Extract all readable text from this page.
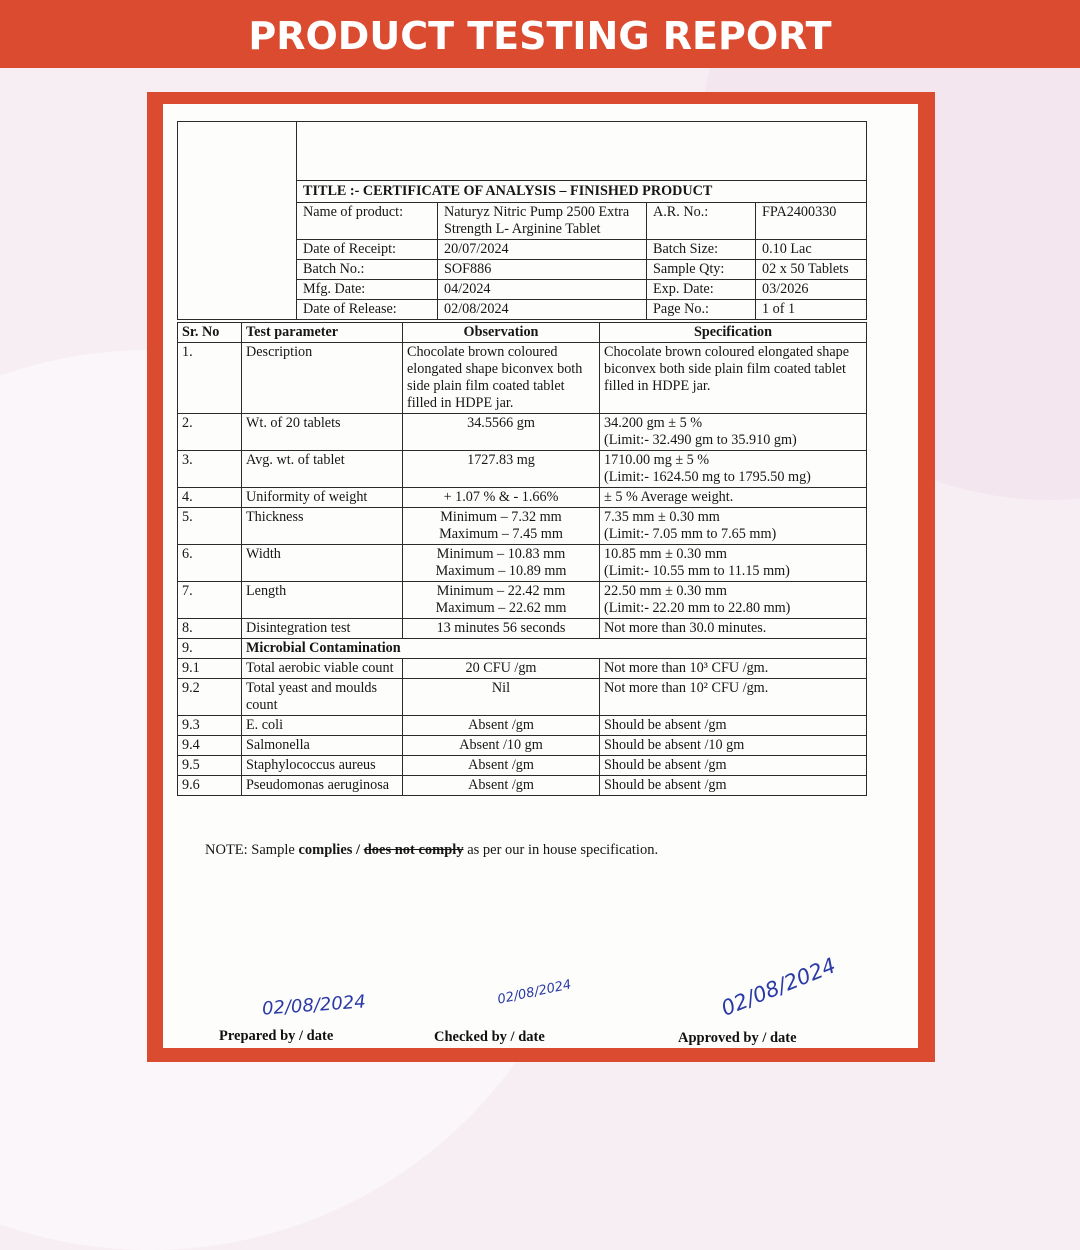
PRODUCT TESTING REPORT

TITLE :- CERTIFICATE OF ANALYSIS – FINISHED PRODUCT
Name of product:	Naturyz Nitric Pump 2500 Extra Strength L- Arginine Tablet	A.R. No.:	FPA2400330
Date of Receipt:	20/07/2024	Batch Size:	0.10 Lac
Batch No.:	SOF886	Sample Qty:	02 x 50 Tablets
Mfg. Date:	04/2024	Exp. Date:	03/2026
Date of Release:	02/08/2024	Page No.:	1 of 1
Sr. No	Test parameter	Observation	Specification
1.	Description	Chocolate brown coloured elongated shape biconvex both side plain film coated tablet filled in HDPE jar.	Chocolate brown coloured elongated shape biconvex both side plain film coated tablet filled in HDPE jar.

2.	Wt. of 20 tablets	34.5566 gm	34.200 gm ± 5 %
(Limit:- 32.490 gm to 35.910 gm)

3.	Avg. wt. of tablet	1727.83 mg	1710.00 mg ± 5 %
(Limit:- 1624.50 mg to 1795.50 mg)

4.	Uniformity of weight	+ 1.07 % & - 1.66%	± 5 % Average weight.

5.	Thickness	Minimum – 7.32 mm
Maximum – 7.45 mm	7.35 mm ± 0.30 mm
(Limit:- 7.05 mm to 7.65 mm)

6.	Width	Minimum – 10.83 mm
Maximum – 10.89 mm	10.85 mm ± 0.30 mm
(Limit:- 10.55 mm to 11.15 mm)

7.	Length	Minimum – 22.42 mm
Maximum – 22.62 mm	22.50 mm ± 0.30 mm
(Limit:- 22.20 mm to 22.80 mm)

8.	Disintegration test	13 minutes 56 seconds	Not more than 30.0 minutes.

9.	Microbial Contamination		
9.1	Total aerobic viable count	20 CFU /gm	Not more than 10³ CFU /gm.

9.2	Total yeast and moulds count	Nil	Not more than 10² CFU /gm.

9.3	E. coli	Absent /gm	Should be absent /gm

9.4	Salmonella	Absent /10 gm	Should be absent /10 gm

9.5	Staphylococcus aureus	Absent /gm	Should be absent /gm

9.6	Pseudomonas aeruginosa	Absent /gm	Should be absent /gm
NOTE: Sample complies / does not comply as per our in house specification.
02/08/2024	02/08/2024	02/08/2024
Prepared by / date	Checked by / date	Approved by / date
